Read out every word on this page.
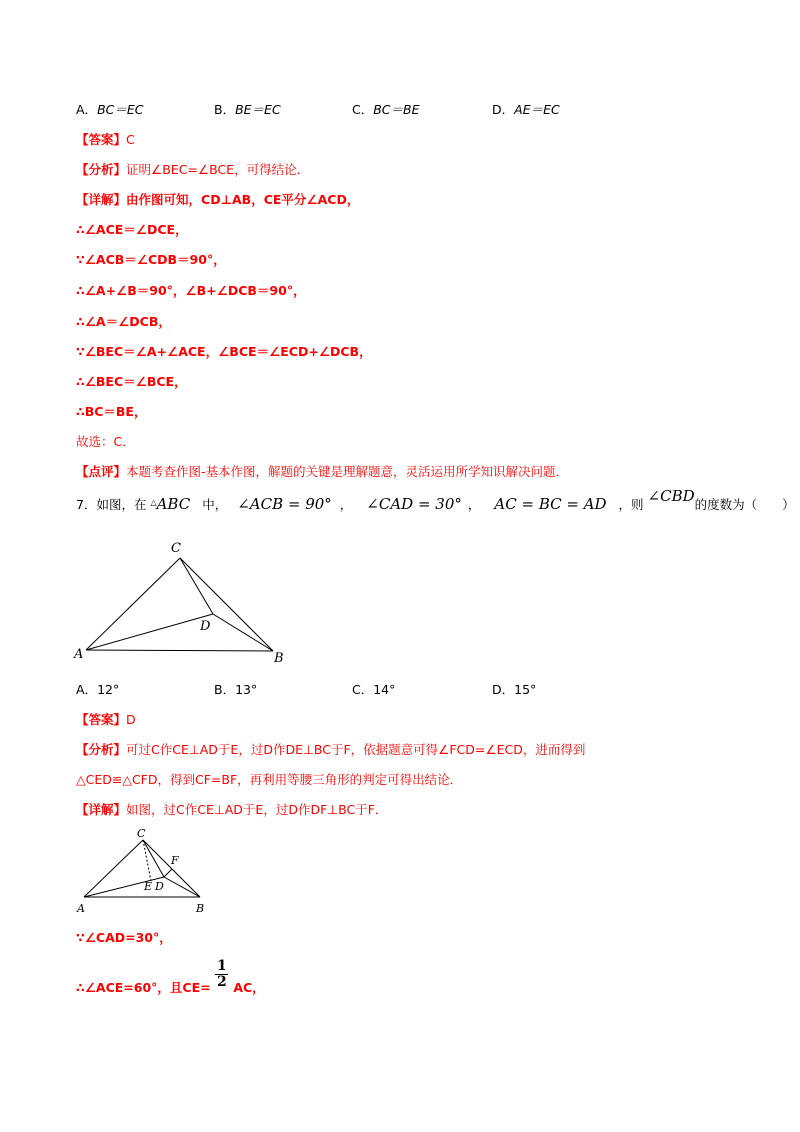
A．BC＝EC	B．BE＝EC	C．BC＝BE	D．AE＝EC
【答案】C
【分析】证明∠BEC=∠BCE，可得结论．
【详解】由作图可知，CD⊥AB，CE平分∠ACD，
∴∠ACE＝∠DCE，
∵∠ACB＝∠CDB＝90°，
∴∠A+∠B＝90°，∠B+∠DCB＝90°，
∴∠A＝∠DCB，
∵∠BEC＝∠A+∠ACE，∠BCE＝∠ECD+∠DCB，
∴∠BEC＝∠BCE，
∴BC＝BE，
故选：C．
【点评】本题考查作图-基本作图，解题的关键是理解题意，灵活运用所学知识解决问题．
7．如图，在 △ABC 中， ∠ACB = 90° ， ∠CAD = 30° ， AC = BC = AD ，则 ∠CBD的度数为（　　）
C
D
A	B
A．12°	B．13°	C．14°	D．15°
【答案】D
【分析】可过C作CE⊥AD于E，过D作DE⊥BC于F，依据题意可得∠FCD=∠ECD，进而得到
△CED≌△CFD，得到CF=BF，再利用等腰三角形的判定可得出结论．
【详解】如图，过C作CE⊥AD于E，过D作DF⊥BC于F．
C
F
E D
A	B
∵∠CAD=30°，
∴∠ACE=60°，且$CE= \frac{1}{2}$ AC，
